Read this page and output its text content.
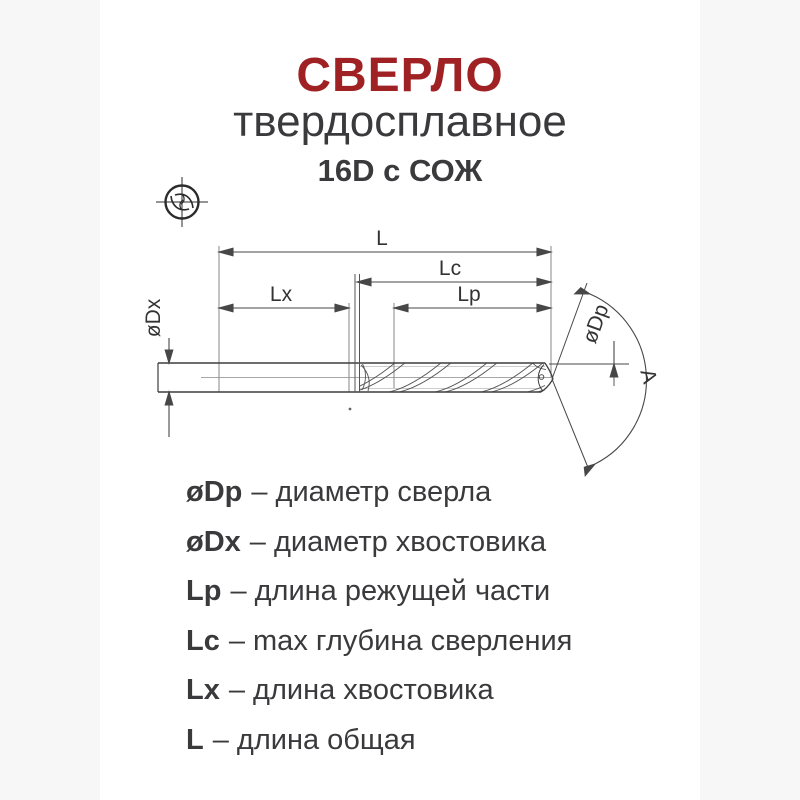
СВЕРЛО
твердосплавное
16D с СОЖ
L
Lc
Lx	Lp
øDx	øDp
A
øDp – диаметр сверла
øDx – диаметр хвостовика
Lp – длина режущей части
Lc – max глубина сверления
Lx – длина хвостовика
L – длина общая
